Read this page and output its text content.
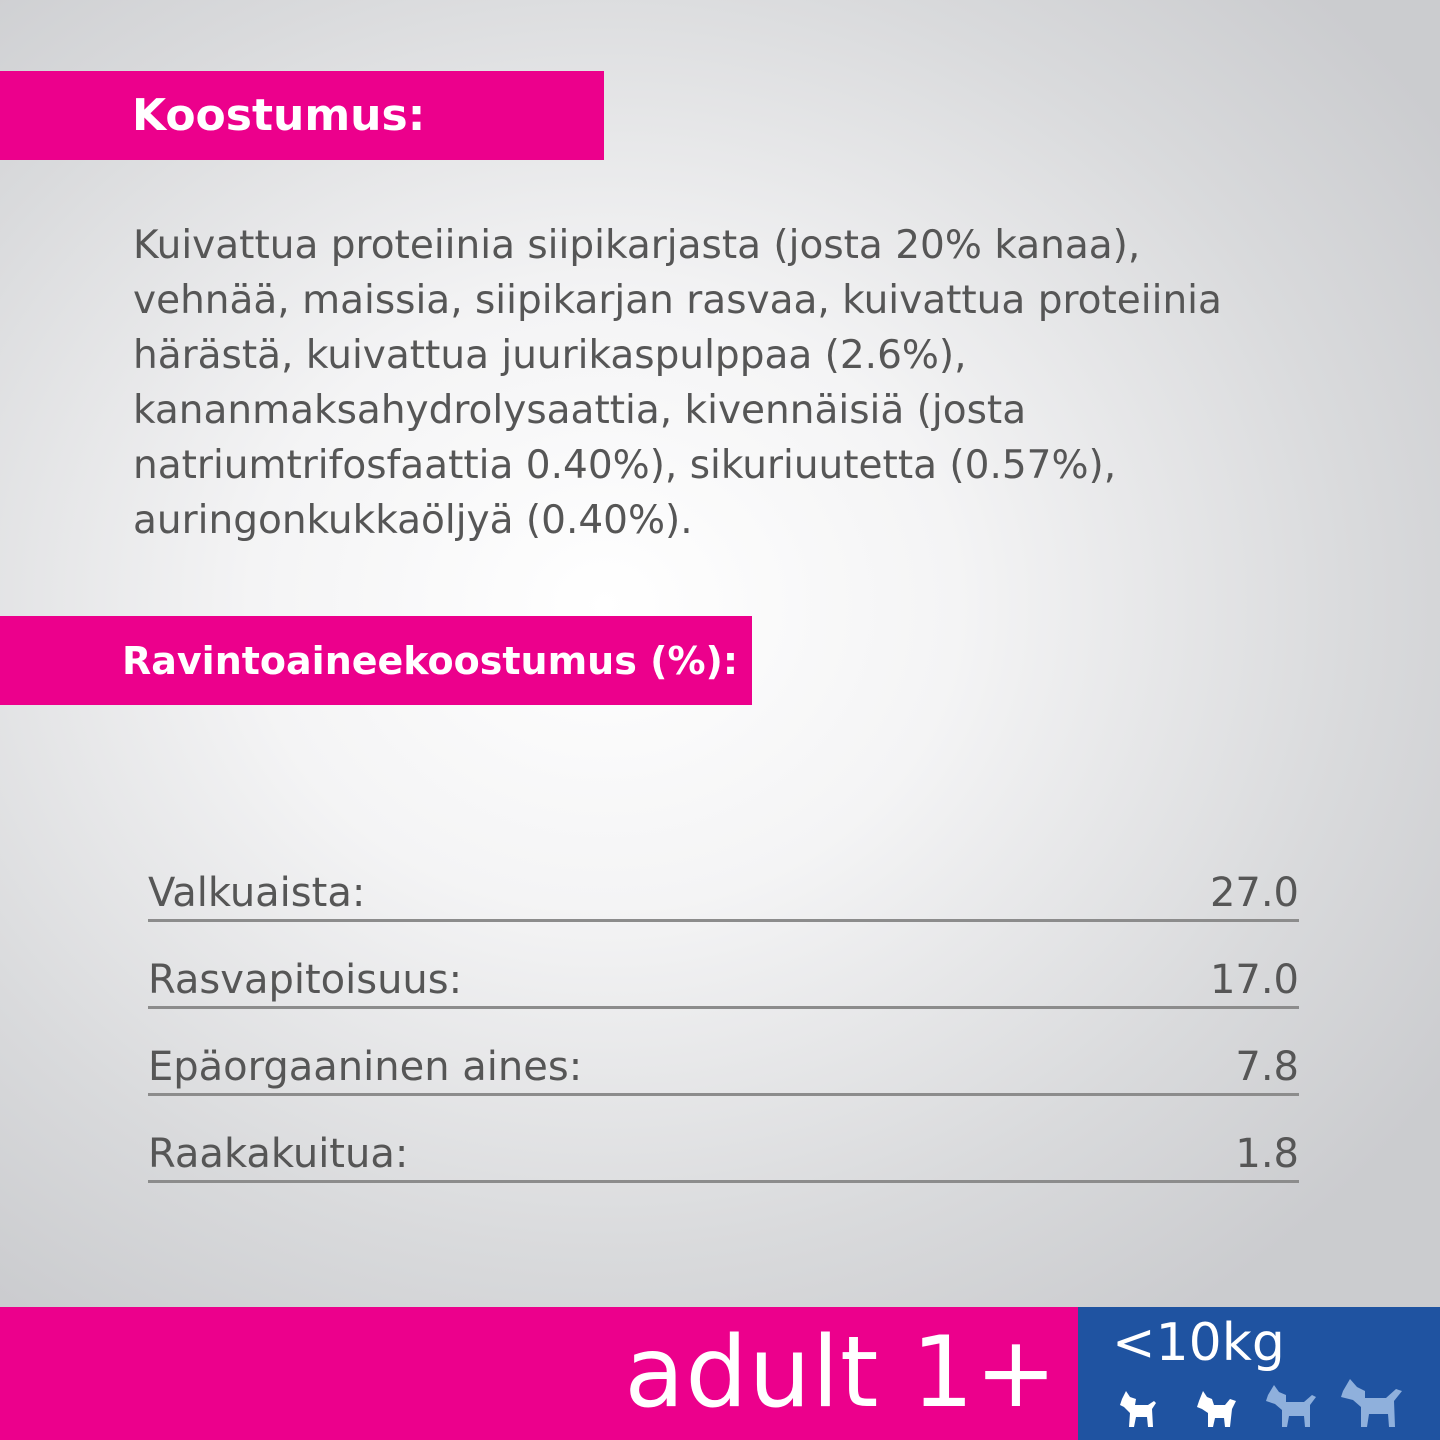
Koostumus:

Kuivattua proteiinia siipikarjasta (josta 20% kanaa),
vehnää, maissia, siipikarjan rasvaa, kuivattua proteiinia
härästä, kuivattua juurikaspulppaa (2.6%),
kananmaksahydrolysaattia, kivennäisiä (josta
natriumtrifosfaattia 0.40%), sikuriuutetta (0.57%),
auringonkukkaöljyä (0.40%).

Ravintoaineekoostumus (%):
Valkuaista:	27.0
Rasvapitoisuus:	17.0
Epäorgaaninen aines:	7.8
Raakakuitua:	1.8
adult 1+ <10kg
